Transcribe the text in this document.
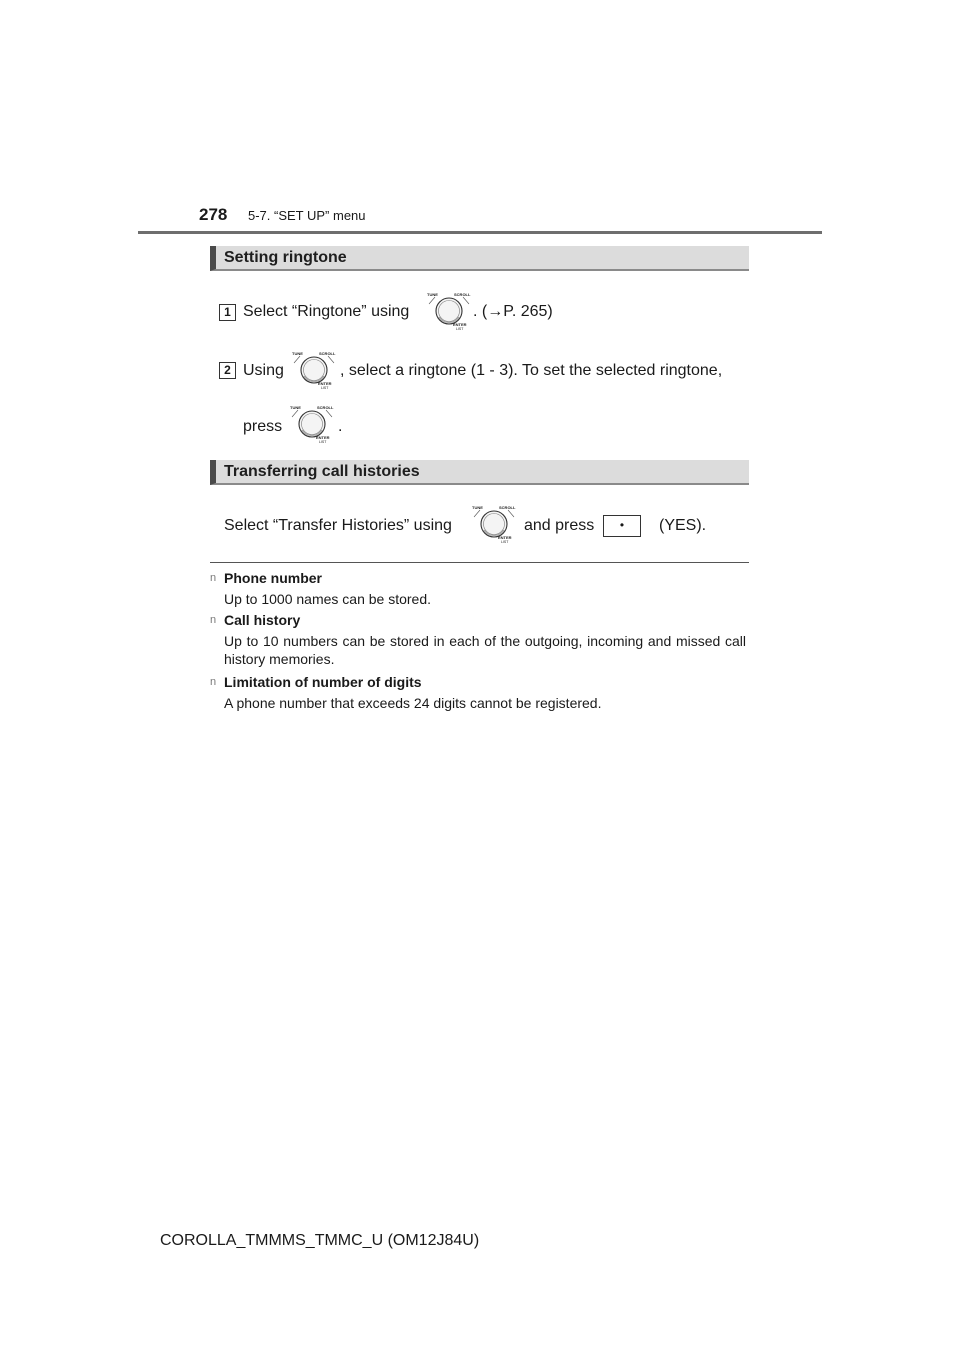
278 5-7. “SET UP” menu
Setting ringtone
1 Select “Ringtone” using	. (→P. 265)
2 Using	, select a ringtone (1 - 3). To set the selected ringtone,
press	.
Transferring call histories
Select “Transfer Histories” using	and press	•	(YES).
n Phone number
Up to 1000 names can be stored.
n Call history
Up to 10 numbers can be stored in each of the outgoing, incoming and missed call history memories.
n Limitation of number of digits
A phone number that exceeds 24 digits cannot be registered.
COROLLA_TMMMS_TMMC_U (OM12J84U)
